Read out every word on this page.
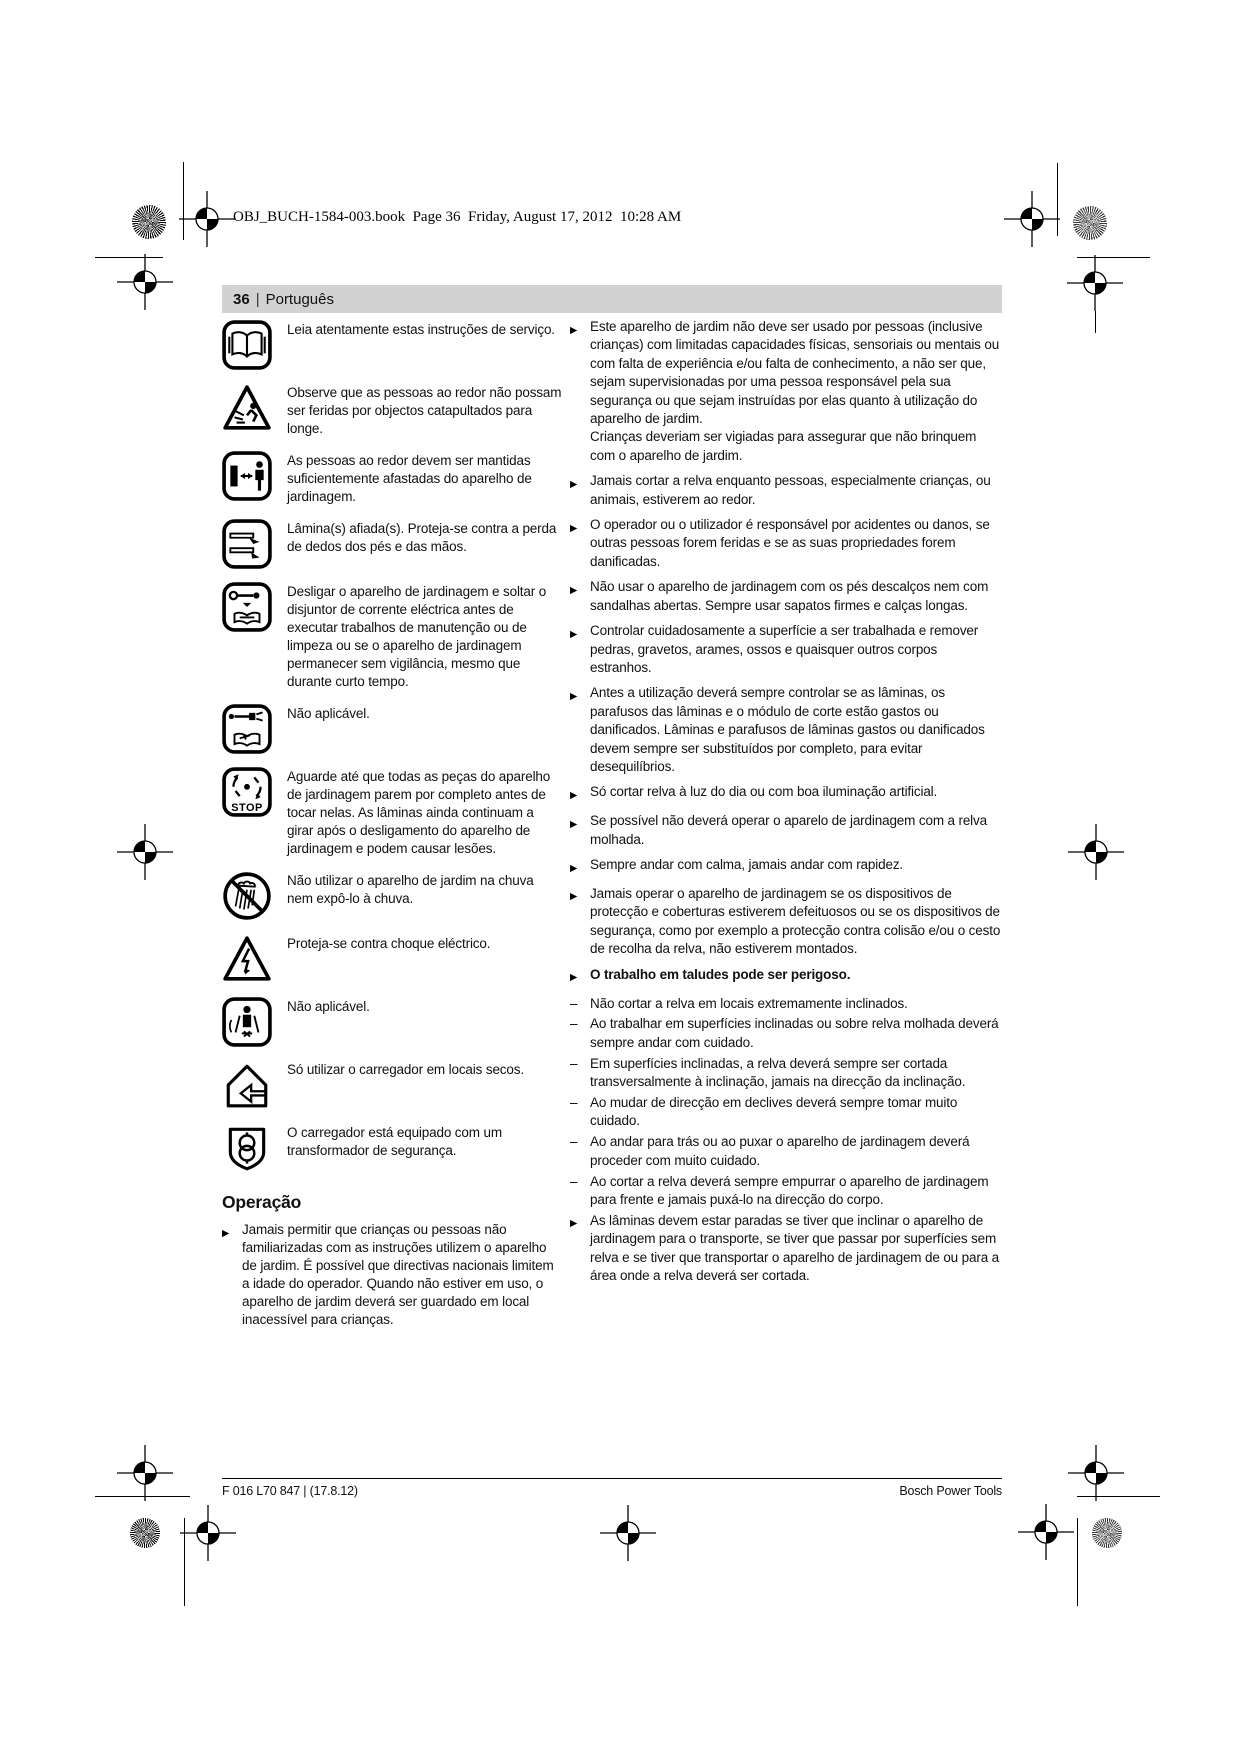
OBJ_BUCH-1584-003.book  Page 36  Friday, August 17, 2012  10:28 AM
36 | Português
Leia atentamente estas instruções de serviço.
Observe que as pessoas ao redor não possam ser feridas por objectos catapultados para longe.
As pessoas ao redor devem ser mantidas suficientemente afastadas do aparelho de jardinagem.
Lâmina(s) afiada(s). Proteja-se contra a perda de dedos dos pés e das mãos.
Desligar o aparelho de jardinagem e soltar o disjuntor de corrente eléctrica antes de executar trabalhos de manutenção ou de limpeza ou se o aparelho de jardinagem permanecer sem vigilância, mesmo que durante curto tempo.
Não aplicável.
STOP
Aguarde até que todas as peças do aparelho de jardinagem parem por completo antes de tocar nelas. As lâminas ainda continuam a girar após o desligamento do aparelho de jardinagem e podem causar lesões.
Não utilizar o aparelho de jardim na chuva nem expô-lo à chuva.
Proteja-se contra choque eléctrico.
Não aplicável.
Só utilizar o carregador em locais secos.
O carregador está equipado com um transformador de segurança.
Operação
▶ Jamais permitir que crianças ou pessoas não familiarizadas com as instruções utilizem o aparelho de jardim. É possível que directivas nacionais limitem a idade do operador. Quando não estiver em uso, o aparelho de jardim deverá ser guardado em local inacessível para crianças.
▶ Este aparelho de jardim não deve ser usado por pessoas (inclusive crianças) com limitadas capacidades físicas, sensoriais ou mentais ou com falta de experiência e/ou falta de conhecimento, a não ser que, sejam supervisionadas por uma pessoa responsável pela sua segurança ou que sejam instruídas por elas quanto à utilização do aparelho de jardim.
Crianças deveriam ser vigiadas para assegurar que não brinquem com o aparelho de jardim.
▶ Jamais cortar a relva enquanto pessoas, especialmente crianças, ou animais, estiverem ao redor.
▶ O operador ou o utilizador é responsável por acidentes ou danos, se outras pessoas forem feridas e se as suas propriedades forem danificadas.
▶ Não usar o aparelho de jardinagem com os pés descalços nem com sandalhas abertas. Sempre usar sapatos firmes e calças longas.
▶ Controlar cuidadosamente a superfície a ser trabalhada e remover pedras, gravetos, arames, ossos e quaisquer outros corpos estranhos.
▶ Antes a utilização deverá sempre controlar se as lâminas, os parafusos das lâminas e o módulo de corte estão gastos ou danificados. Lâminas e parafusos de lâminas gastos ou danificados devem sempre ser substituídos por completo, para evitar desequilíbrios.
▶ Só cortar relva à luz do dia ou com boa iluminação artificial.
▶ Se possível não deverá operar o aparelo de jardinagem com a relva molhada.
▶ Sempre andar com calma, jamais andar com rapidez.
▶ Jamais operar o aparelho de jardinagem se os dispositivos de protecção e coberturas estiverem defeituosos ou se os dispositivos de segurança, como por exemplo a protecção contra colisão e/ou o cesto de recolha da relva, não estiverem montados.
▶ O trabalho em taludes pode ser perigoso.
– Não cortar a relva em locais extremamente inclinados.
– Ao trabalhar em superfícies inclinadas ou sobre relva molhada deverá sempre andar com cuidado.
– Em superfícies inclinadas, a relva deverá sempre ser cortada transversalmente à inclinação, jamais na direcção da inclinação.
– Ao mudar de direcção em declives deverá sempre tomar muito cuidado.
– Ao andar para trás ou ao puxar o aparelho de jardinagem deverá proceder com muito cuidado.
– Ao cortar a relva deverá sempre empurrar o aparelho de jardinagem para frente e jamais puxá-lo na direcção do corpo.
▶ As lâminas devem estar paradas se tiver que inclinar o aparelho de jardinagem para o transporte, se tiver que passar por superfícies sem relva e se tiver que transportar o aparelho de jardinagem de ou para a área onde a relva deverá ser cortada.
F 016 L70 847 | (17.8.12)	Bosch Power Tools
